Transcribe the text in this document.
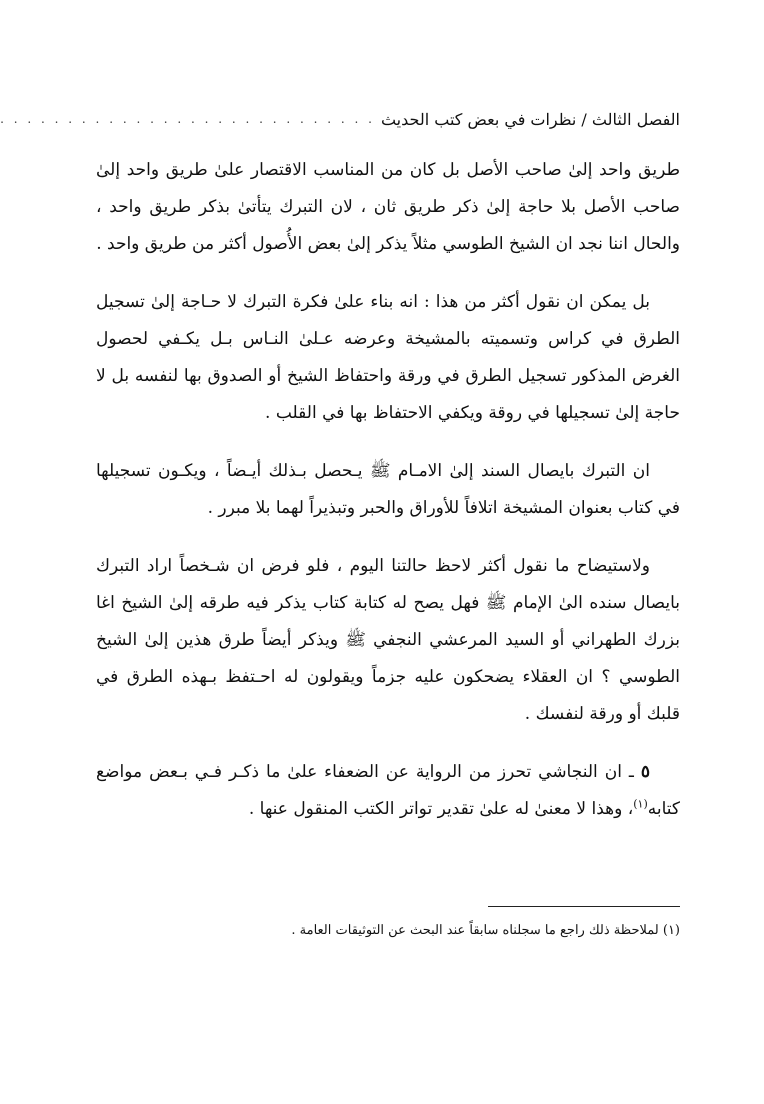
الفصل الثالث / نظرات في بعض كتب الحديث
. . . . . . . . . . . . . . . . . . . . . . . . . . . .

طريق واحد إلىٰ صاحب الأصل بل كان من المناسب الاقتصار علىٰ طريق واحد إلىٰ صاحب الأصل بلا حاجة إلىٰ ذكر طريق ثان ، لان التبرك يتأتىٰ بذكر طريق واحد ، والحال اننا نجد ان الشيخ الطوسي مثلاً يذكر إلىٰ بعض الأُصول أكثر من طريق واحد .

بل يمكن ان نقول أكثر من هذا : انه بناء علىٰ فكرة التبرك لا حـاجة إلىٰ تسجيل الطرق في كراس وتسميته بالمشيخة وعرضه عـلىٰ النـاس بـل يكـفي لحصول الغرض المذكور تسجيل الطرق في ورقة واحتفاظ الشيخ أو الصدوق بها لنفسه بل لا حاجة إلىٰ تسجيلها في روقة ويكفي الاحتفاظ بها في القلب .

ان التبرك بايصال السند إلىٰ الامـام ﷺ يـحصل بـذلك أيـضاً ، ويكـون تسجيلها في كتاب بعنوان المشيخة اتلافاً للأوراق والحبر وتبذيراً لهما بلا مبرر .

ولاستيضاح ما نقول أكثر لاحظ حالتنا اليوم ، فلو فرض ان شـخصاً اراد التبرك بايصال سنده الىٰ الإمام ﷺ فهل يصح له كتابة كتاب يذكر فيه طرقه إلىٰ الشيخ اغا بزرك الطهراني أو السيد المرعشي النجفي ﷺ ويذكر أيضاً طرق هذين إلىٰ الشيخ الطوسي ؟ ان العقلاء يضحكون عليه جزماً ويقولون له احـتفظ بـهذه الطرق في قلبك أو ورقة لنفسك .

٥ ـ ان النجاشي تحرز من الرواية عن الضعفاء علىٰ ما ذكـر فـي بـعض مواضع كتابه$^{(١)}$، وهذا لا معنىٰ له علىٰ تقدير تواتر الكتب المنقول عنها .

(١) لملاحظة ذلك راجع ما سجلناه سابقاً عند البحث عن التوثيقات العامة .
